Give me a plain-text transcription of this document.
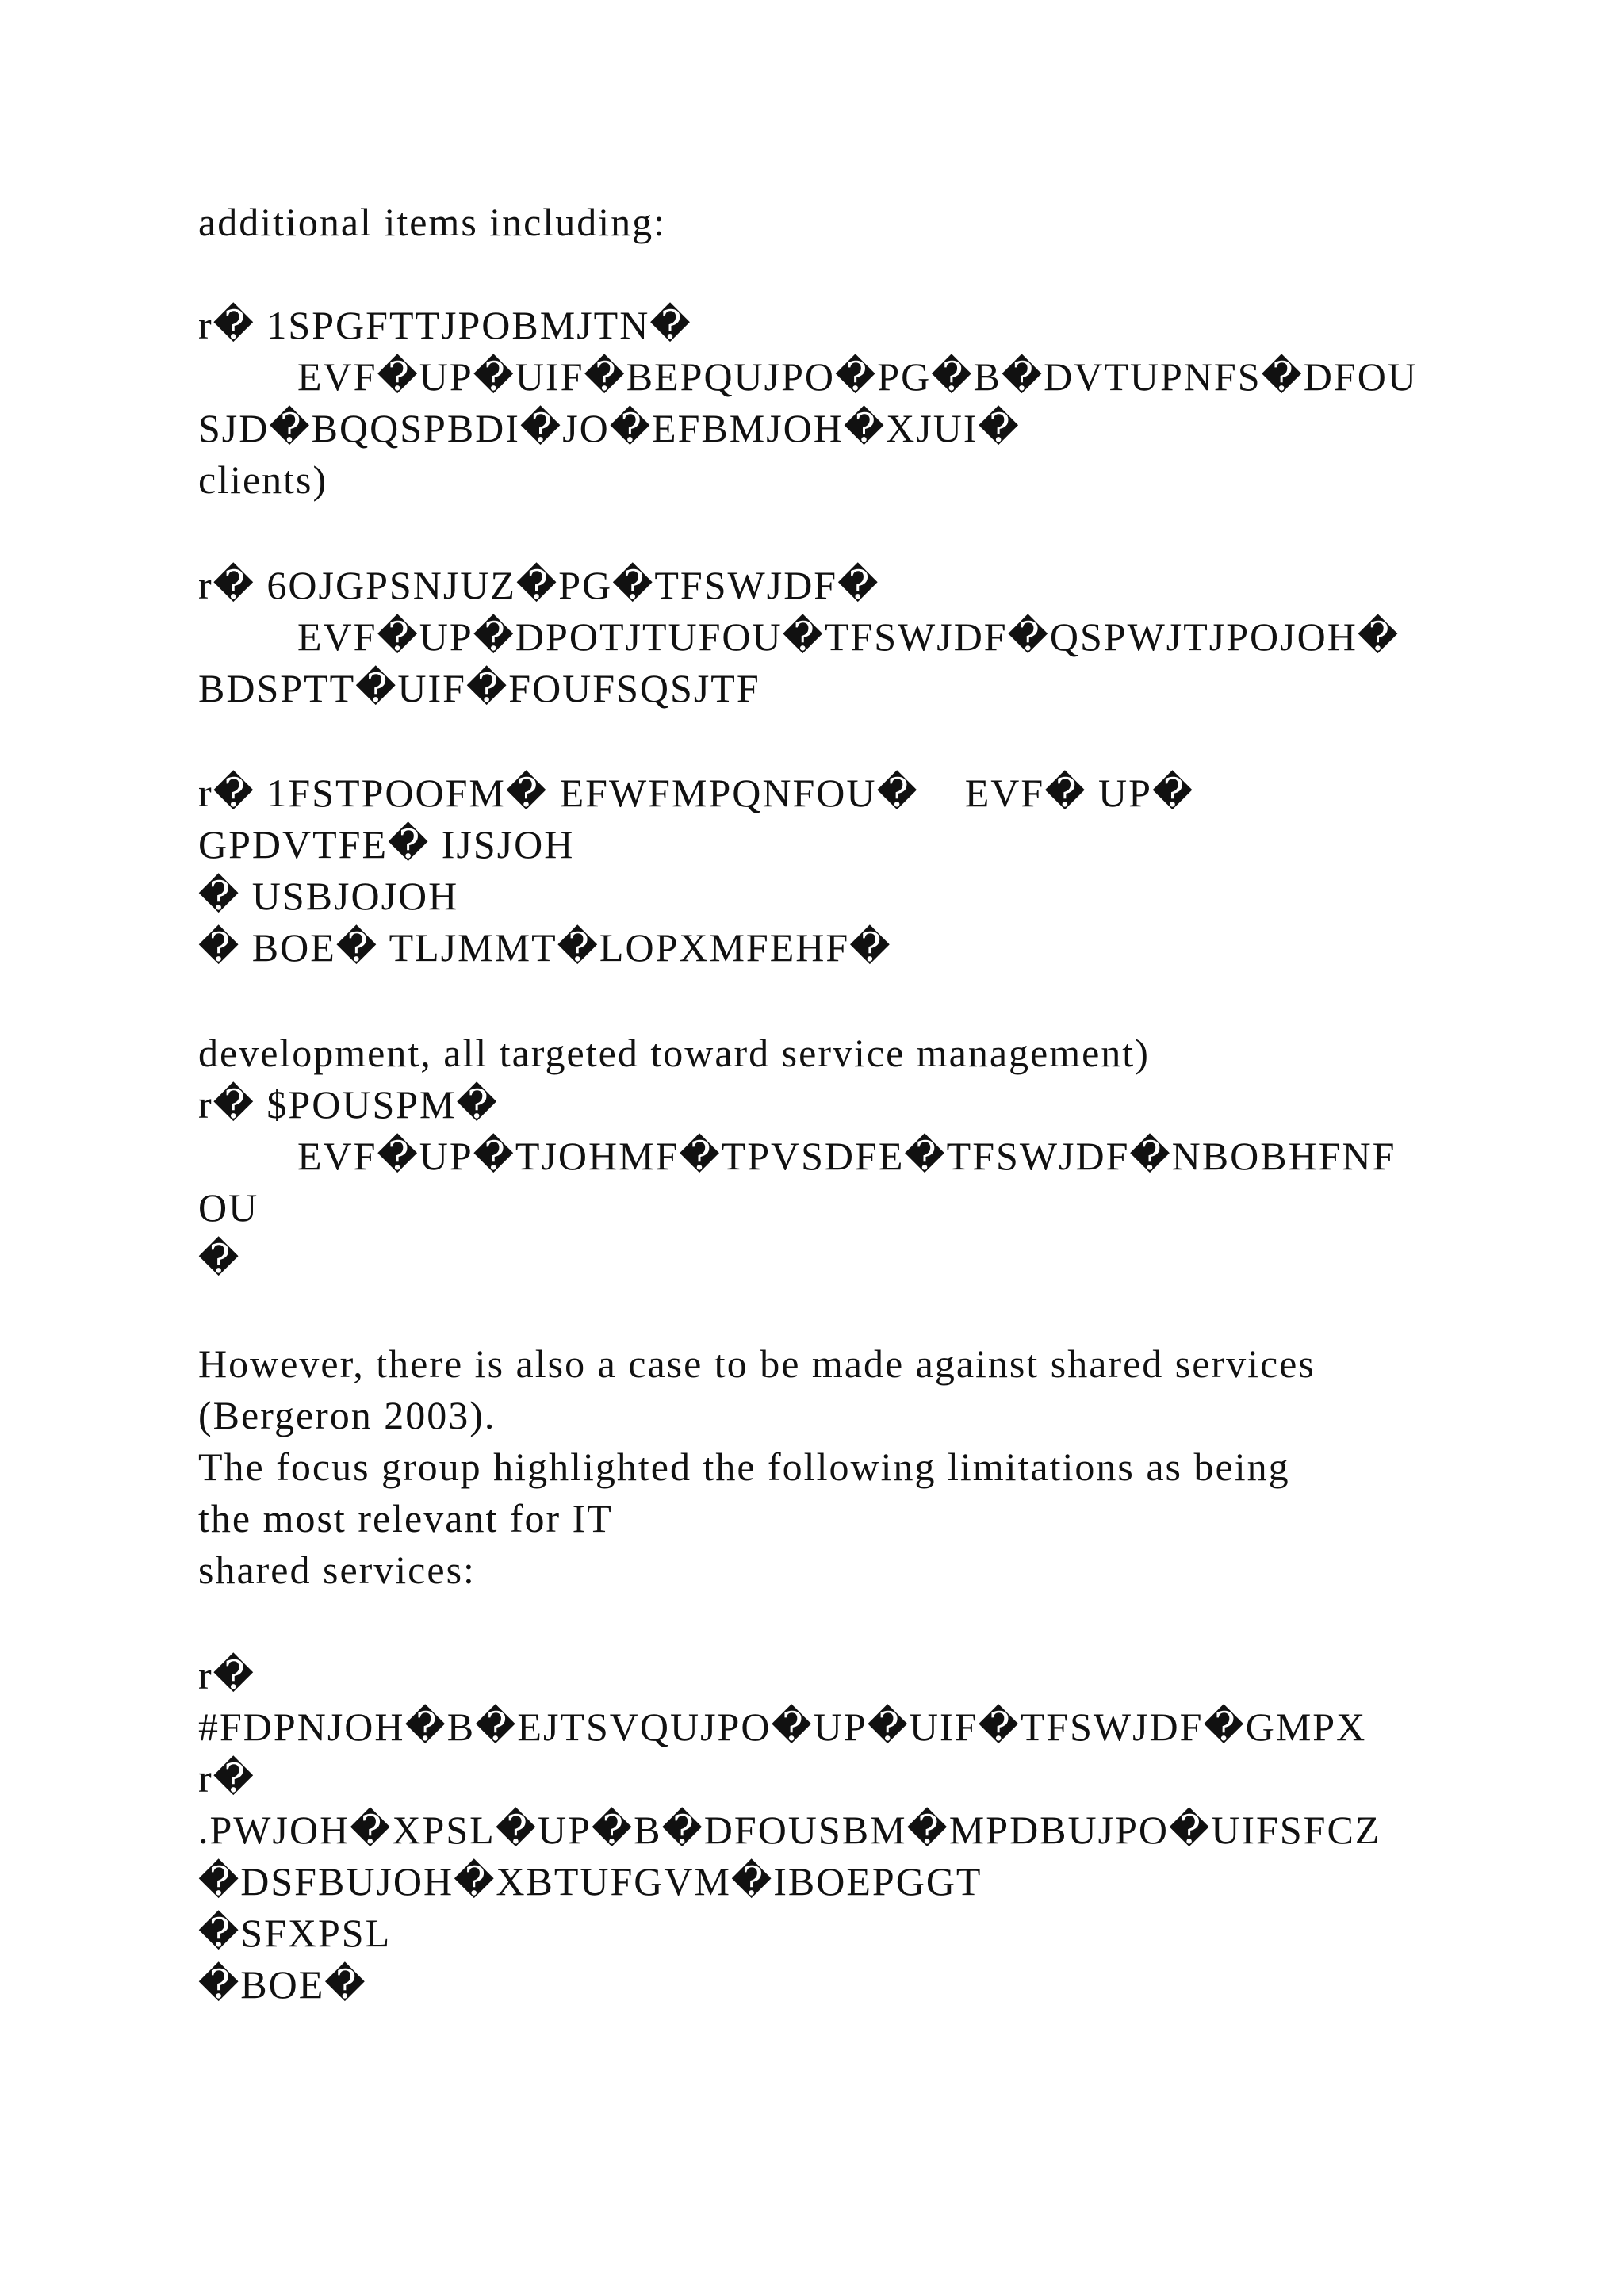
additional items including:

r� 1SPGFTTJPOBMJTN�

EVF�UP�UIF�BEPQUJPO�PG�B�DVTUPNFS�DFOU

SJD�BQQSPBDI�JO�EFBMJOH�XJUI�

clients)

r� 6OJGPSNJUZ�PG�TFSWJDF�

EVF�UP�DPOTJTUFOU�TFSWJDF�QSPWJTJPOJOH�

BDSPTT�UIF�FOUFSQSJTF

r� 1FSTPOOFM� EFWFMPQNFOU�    EVF� UP�

GPDVTFE� IJSJOH

� USBJOJOH

� BOE� TLJMMT�LOPXMFEHF�

development, all targeted toward service management)

r� $POUSPM�

EVF�UP�TJOHMF�TPVSDFE�TFSWJDF�NBOBHFNF

OU

�

However, there is also a case to be made against shared services

(Bergeron 2003).

The focus group highlighted the following limitations as being

the most relevant for IT

shared services:

r�

#FDPNJOH�B�EJTSVQUJPO�UP�UIF�TFSWJDF�GMPX

r�

.PWJOH�XPSL�UP�B�DFOUSBM�MPDBUJPO�UIFSFCZ

�DSFBUJOH�XBTUFGVM�IBOEPGGT

�SFXPSL

�BOE�
